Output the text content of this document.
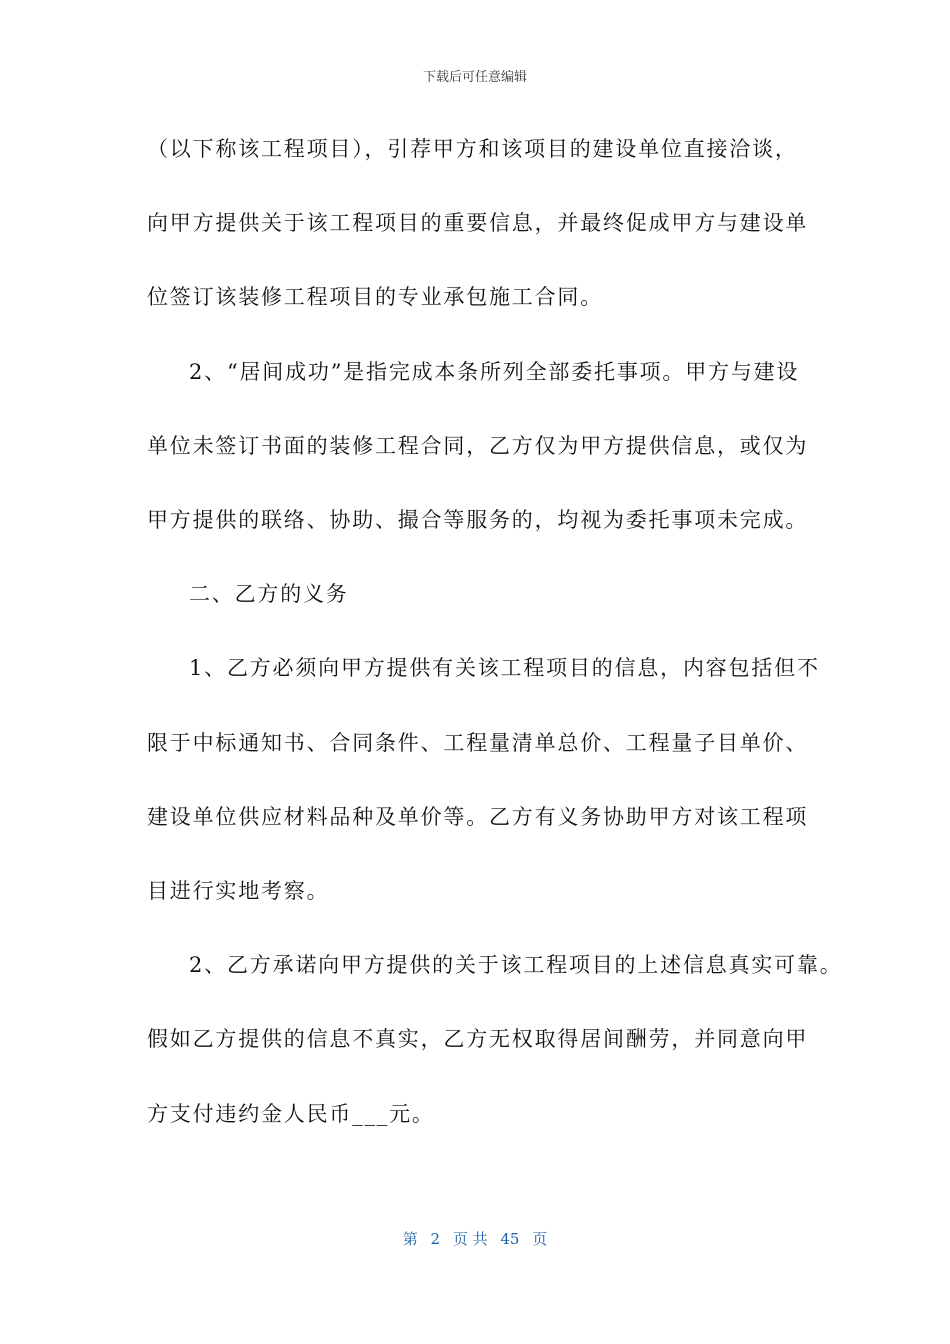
下载后可任意编辑
（以下称该工程项目），引荐甲方和该项目的建设单位直接洽谈，
向甲方提供关于该工程项目的重要信息，并最终促成甲方与建设单
位签订该装修工程项目的专业承包施工合同。
2、“居间成功”是指完成本条所列全部委托事项。甲方与建设
单位未签订书面的装修工程合同，乙方仅为甲方提供信息，或仅为
甲方提供的联络、协助、撮合等服务的，均视为委托事项未完成。
二、乙方的义务
1、乙方必须向甲方提供有关该工程项目的信息，内容包括但不
限于中标通知书、合同条件、工程量清单总价、工程量子目单价、
建设单位供应材料品种及单价等。乙方有义务协助甲方对该工程项
目进行实地考察。
2、乙方承诺向甲方提供的关于该工程项目的上述信息真实可靠。
假如乙方提供的信息不真实，乙方无权取得居间酬劳，并同意向甲
方支付违约金人民币___元。
第 2 页 共 45 页
